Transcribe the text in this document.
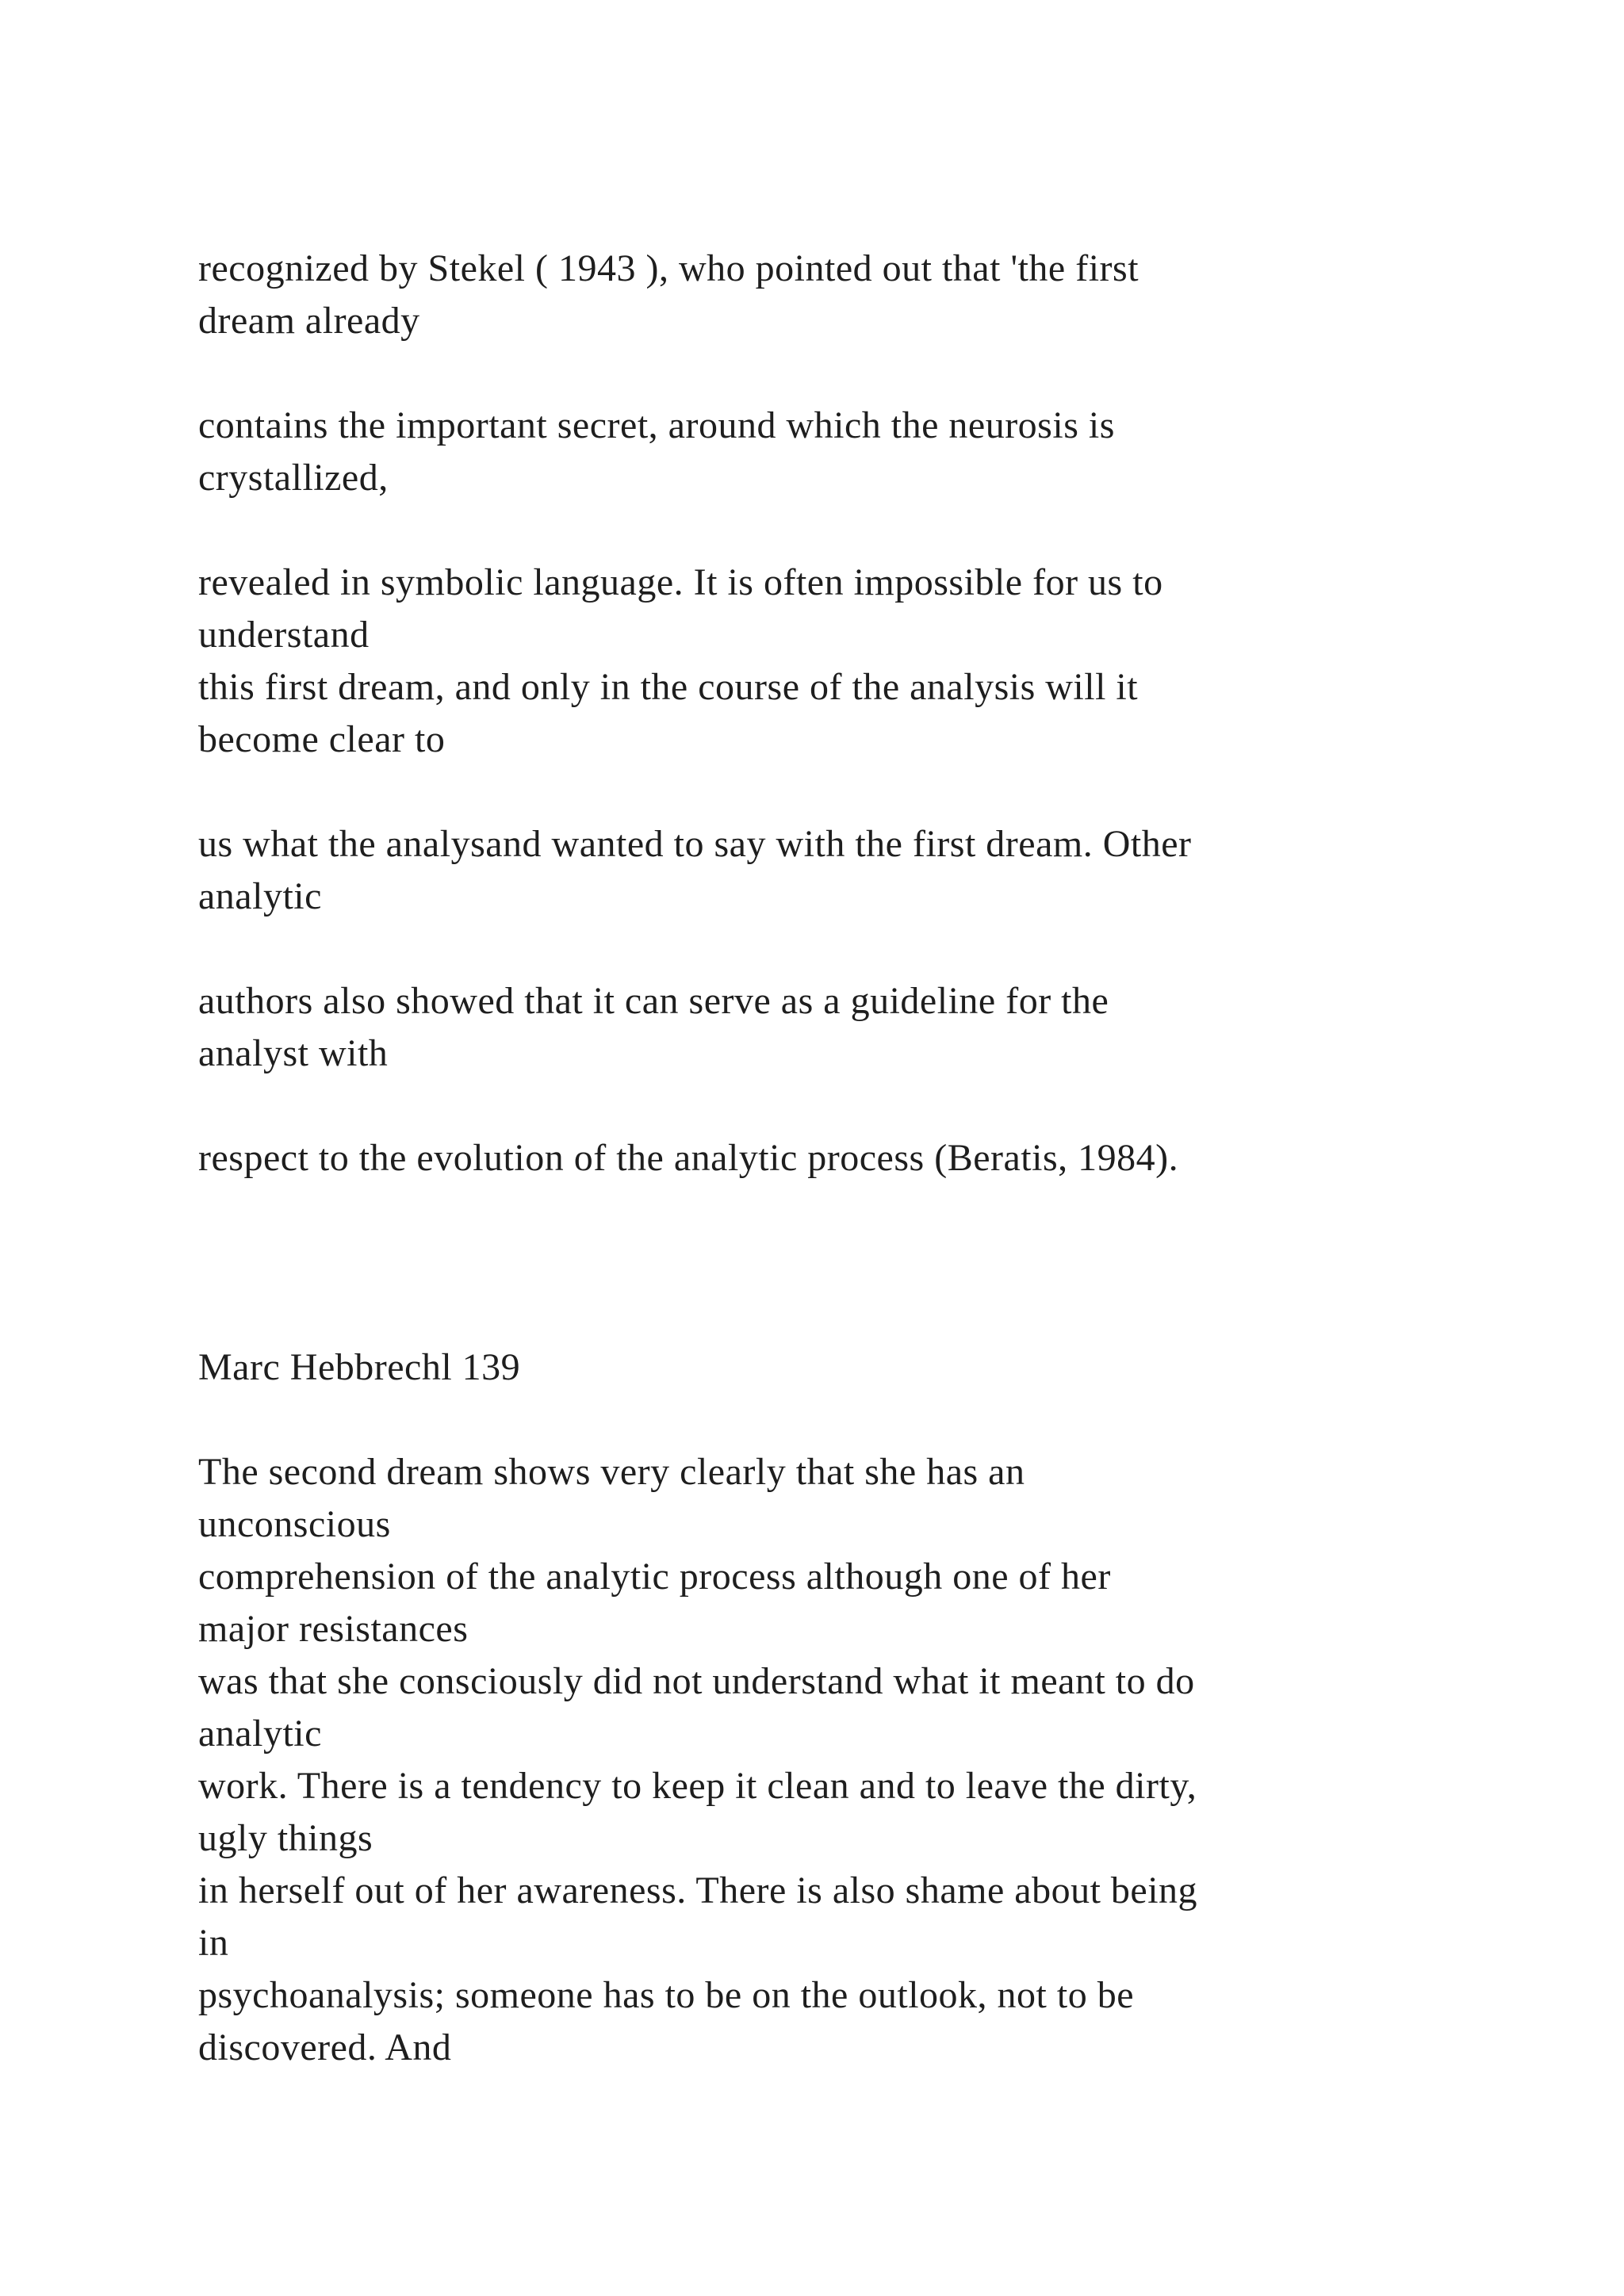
recognized by Stekel ( 1943 ), who pointed out that 'the first
dream already
contains the important secret, around which the neurosis is
crystallized,
revealed in symbolic language. It is often impossible for us to
understand
this first dream, and only in the course of the analysis will it
become clear to
us what the analysand wanted to say with the first dream. Other
analytic
authors also showed that it can serve as a guideline for the
analyst with
respect to the evolution of the analytic process (Beratis, 1984).
Marc Hebbrechl 139
The second dream shows very clearly that she has an
unconscious
comprehension of the analytic process although one of her
major resistances
was that she consciously did not understand what it meant to do
analytic
work. There is a tendency to keep it clean and to leave the dirty,
ugly things
in herself out of her awareness. There is also shame about being
in
psychoanalysis; someone has to be on the outlook, not to be
discovered. And
